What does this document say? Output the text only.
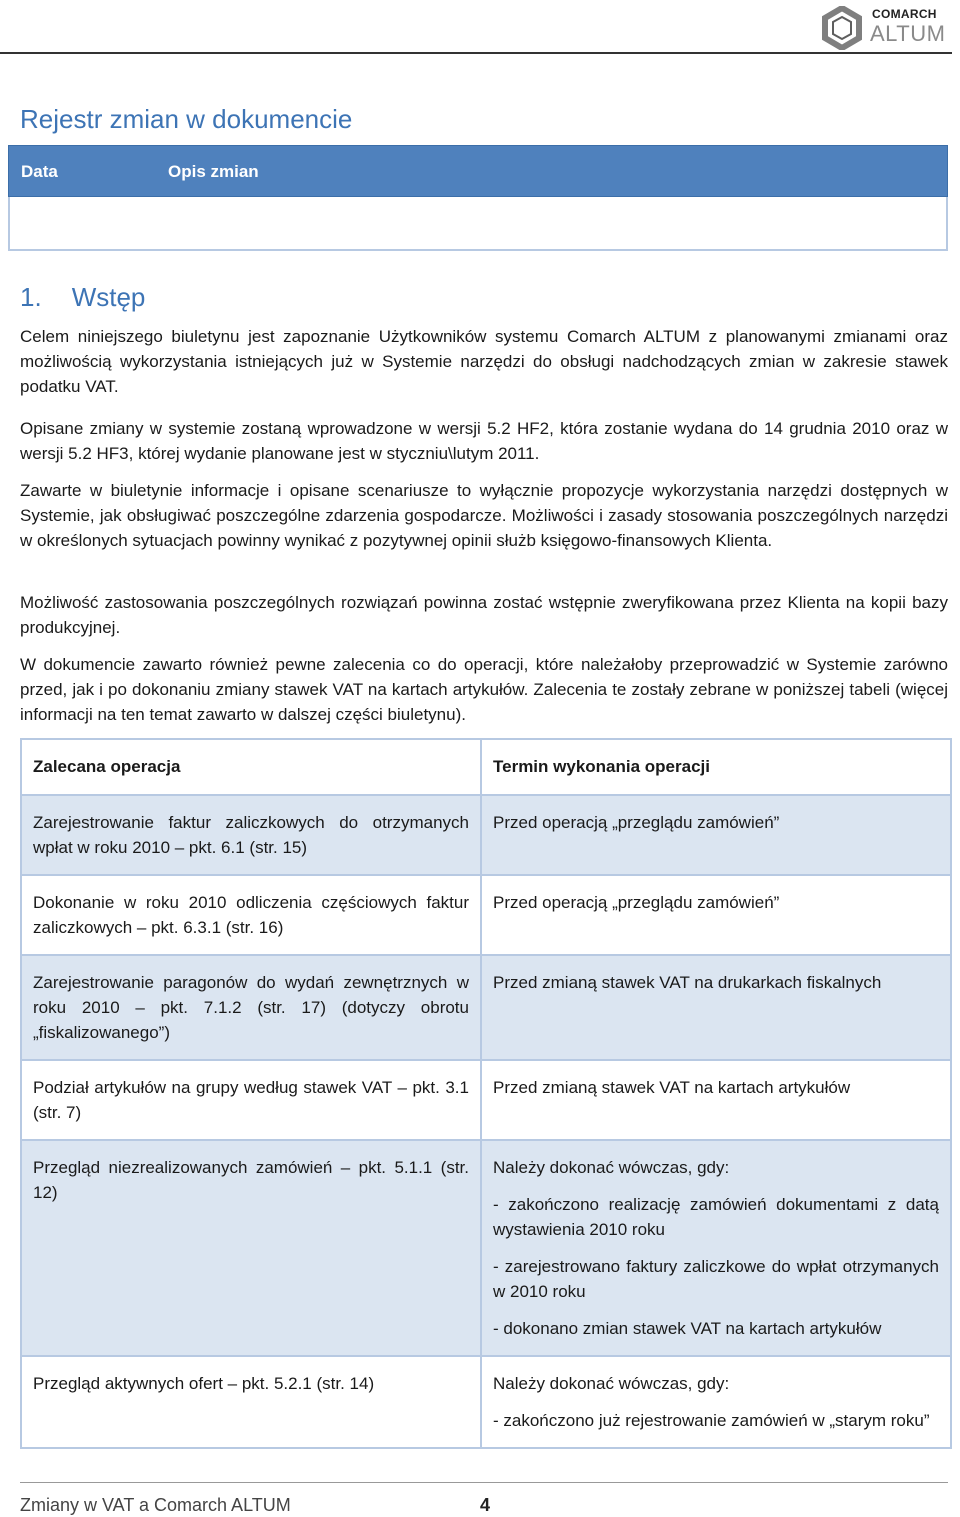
COMARCH
ALTUM
Rejestr zmian w dokumencie
Data	Opis zmian
1. Wstęp

Celem niniejszego biuletynu jest zapoznanie Użytkowników systemu Comarch ALTUM z planowanymi zmianami oraz możliwością wykorzystania istniejących już w Systemie narzędzi do obsługi nadchodzących zmian w zakresie stawek podatku VAT.

Opisane zmiany w systemie zostaną wprowadzone w wersji 5.2 HF2, która zostanie wydana do 14 grudnia 2010 oraz w wersji 5.2 HF3, której wydanie planowane jest w styczniu\lutym 2011.

Zawarte w biuletynie informacje i opisane scenariusze to wyłącznie propozycje wykorzystania narzędzi dostępnych w Systemie, jak obsługiwać poszczególne zdarzenia gospodarcze. Możliwości i zasady stosowania poszczególnych narzędzi w określonych sytuacjach powinny wynikać z pozytywnej opinii służb księgowo-finansowych Klienta.

Możliwość zastosowania poszczególnych rozwiązań powinna zostać wstępnie zweryfikowana przez Klienta na kopii bazy produkcyjnej.

W dokumencie zawarto również pewne zalecenia co do operacji, które należałoby przeprowadzić w Systemie zarówno przed, jak i po dokonaniu zmiany stawek VAT na kartach artykułów. Zalecenia te zostały zebrane w poniższej tabeli (więcej informacji na ten temat zawarto w dalszej części biuletynu).

Zalecana operacja	Termin wykonania operacji
Zarejestrowanie faktur zaliczkowych do otrzymanych wpłat w roku 2010 – pkt. 6.1 (str. 15)	Przed operacją „przeglądu zamówień”

Dokonanie w roku 2010 odliczenia częściowych faktur zaliczkowych – pkt. 6.3.1 (str. 16)	Przed operacją „przeglądu zamówień”

Zarejestrowanie paragonów do wydań zewnętrznych w roku 2010 – pkt. 7.1.2 (str. 17) (dotyczy obrotu „fiskalizowanego”)	Przed zmianą stawek VAT na drukarkach fiskalnych

Podział artykułów na grupy według stawek VAT – pkt. 3.1 (str. 7)	Przed zmianą stawek VAT na kartach artykułów

Przegląd niezrealizowanych zamówień – pkt. 5.1.1 (str. 12)	Należy dokonać wówczas, gdy:
- zakończono realizację zamówień dokumentami z datą wystawienia 2010 roku
- zarejestrowano faktury zaliczkowe do wpłat otrzymanych w 2010 roku
- dokonano zmian stawek VAT na kartach artykułów

Przegląd aktywnych ofert – pkt. 5.2.1 (str. 14)	Należy dokonać wówczas, gdy:
- zakończono już rejestrowanie zamówień w „starym roku”
Zmiany w VAT a Comarch ALTUM	4
